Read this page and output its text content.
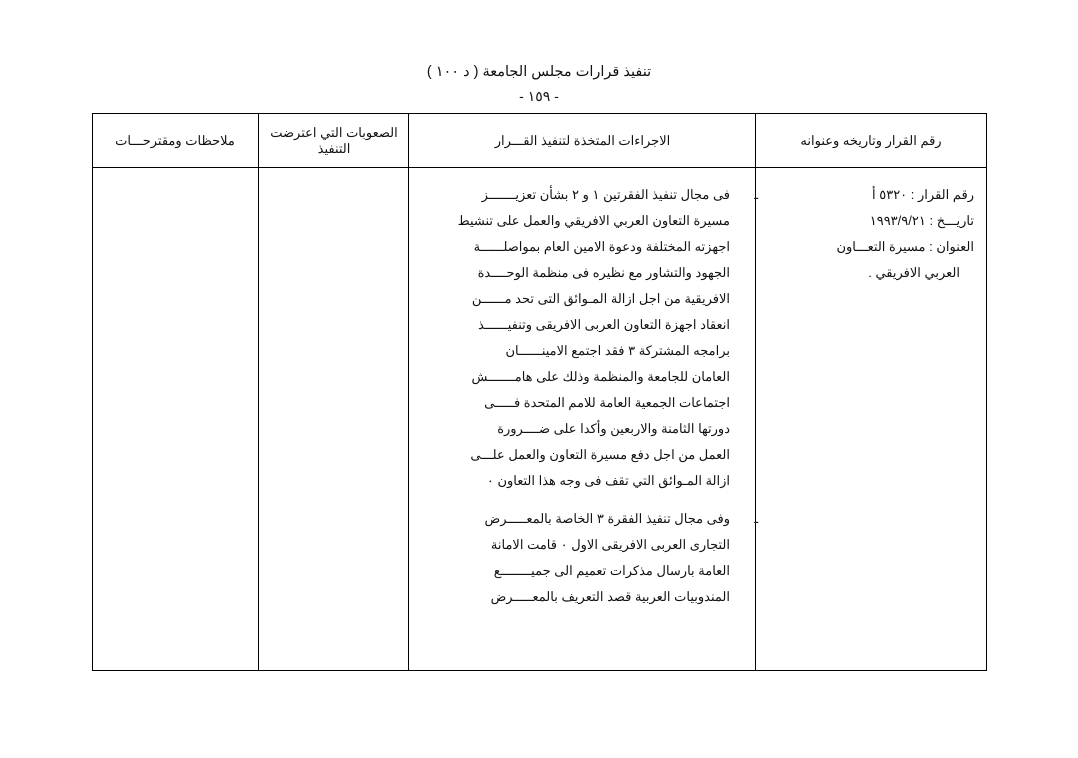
تنفيذ قرارات مجلس الجامعة ( د ١٠٠ )
- ١٥٩ -
رقم القرار وتاريخه وعنوانه
الاجراءات المتخذة لتنفيذ القـــرار
الصعوبات التي اعترضت التنفيذ
ملاحظات ومقترحـــات
رقم القرار : ٥٣٢٠ أ
تاريـــخ : ١٩٩٣/٩/٢١
العنوان : مسيرة التعـــاون
العربي الافريقي .
ـ
فى مجال تنفيذ الفقرتين ١ و ٢ بشأن تعزيـــــــز
مسيرة التعاون العربي الافريقي والعمل على تنشيط
اجهزته المختلفة ودعوة الامين العام بمواصلــــــة
الجهود والتشاور مع نظيره فى منظمة الوحــــدة
الافريقية من اجل ازالة المـوائق التى تحد مــــــن
انعقاد اجهزة التعاون العربى الافريقى وتنفيــــــذ
برامجه المشتركة ٣ فقد اجتمع الامينــــــان
العامان للجامعة والمنظمة وذلك على هامـــــــش
اجتماعات الجمعية العامة للامم المتحدة فـــــى
دورتها الثامنة والاربعين وأكدا على ضــــرورة
العمل من اجل دفع مسيرة التعاون والعمل علـــى
ازالة المـوائق التي تقف فى وجه هذا التعاون ٠
ـ
وفى مجال تنفيذ الفقرة ٣ الخاصة بالمعـــــرض
التجارى العربى الافريقى الاول ٠ قامت الامانة
العامة بارسال مذكرات تعميم الى جميــــــــع
المندوبيات العربية قصد التعريف بالمعـــــرض
